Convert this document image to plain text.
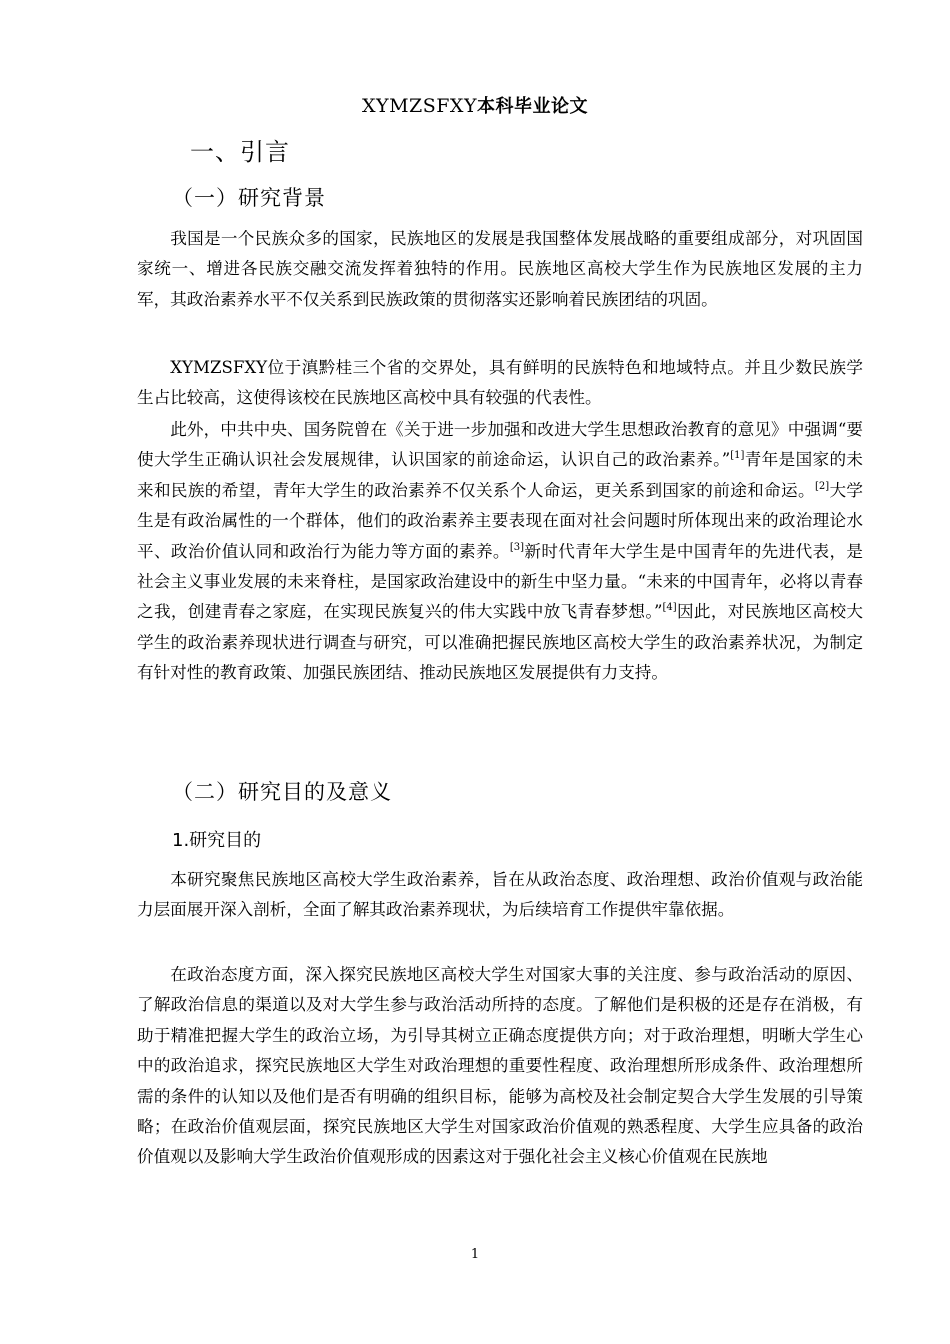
XYMZSFXY本科毕业论文
一、引言
（一）研究背景

我国是一个民族众多的国家，民族地区的发展是我国整体发展战略的重要组成部分，对巩固国家统一、增进各民族交融交流发挥着独特的作用。民族地区高校大学生作为民族地区发展的主力军，其政治素养水平不仅关系到民族政策的贯彻落实还影响着民族团结的巩固。

XYMZSFXY位于滇黔桂三个省的交界处，具有鲜明的民族特色和地域特点。并且少数民族学生占比较高，这使得该校在民族地区高校中具有较强的代表性。

此外，中共中央、国务院曾在《关于进一步加强和改进大学生思想政治教育的意见》中强调“要使大学生正确认识社会发展规律，认识国家的前途命运，认识自己的政治素养。”[1]青年是国家的未来和民族的希望，青年大学生的政治素养不仅关系个人命运，更关系到国家的前途和命运。[2]大学生是有政治属性的一个群体，他们的政治素养主要表现在面对社会问题时所体现出来的政治理论水平、政治价值认同和政治行为能力等方面的素养。[3]新时代青年大学生是中国青年的先进代表，是社会主义事业发展的未来脊柱，是国家政治建设中的新生中坚力量。“未来的中国青年，必将以青春之我，创建青春之家庭，在实现民族复兴的伟大实践中放飞青春梦想。”[4]因此，对民族地区高校大学生的政治素养现状进行调查与研究，可以准确把握民族地区高校大学生的政治素养状况，为制定有针对性的教育政策、加强民族团结、推动民族地区发展提供有力支持。

（二）研究目的及意义
1.研究目的

本研究聚焦民族地区高校大学生政治素养，旨在从政治态度、政治理想、政治价值观与政治能力层面展开深入剖析，全面了解其政治素养现状，为后续培育工作提供牢靠依据。

在政治态度方面，深入探究民族地区高校大学生对国家大事的关注度、参与政治活动的原因、了解政治信息的渠道以及对大学生参与政治活动所持的态度。了解他们是积极的还是存在消极，有助于精准把握大学生的政治立场，为引导其树立正确态度提供方向；对于政治理想，明晰大学生心中的政治追求，探究民族地区大学生对政治理想的重要性程度、政治理想所形成条件、政治理想所需的条件的认知以及他们是否有明确的组织目标，能够为高校及社会制定契合大学生发展的引导策略；在政治价值观层面，探究民族地区大学生对国家政治价值观的熟悉程度、大学生应具备的政治价值观以及影响大学生政治价值观形成的因素这对于强化社会主义核心价值观在民族地

1
